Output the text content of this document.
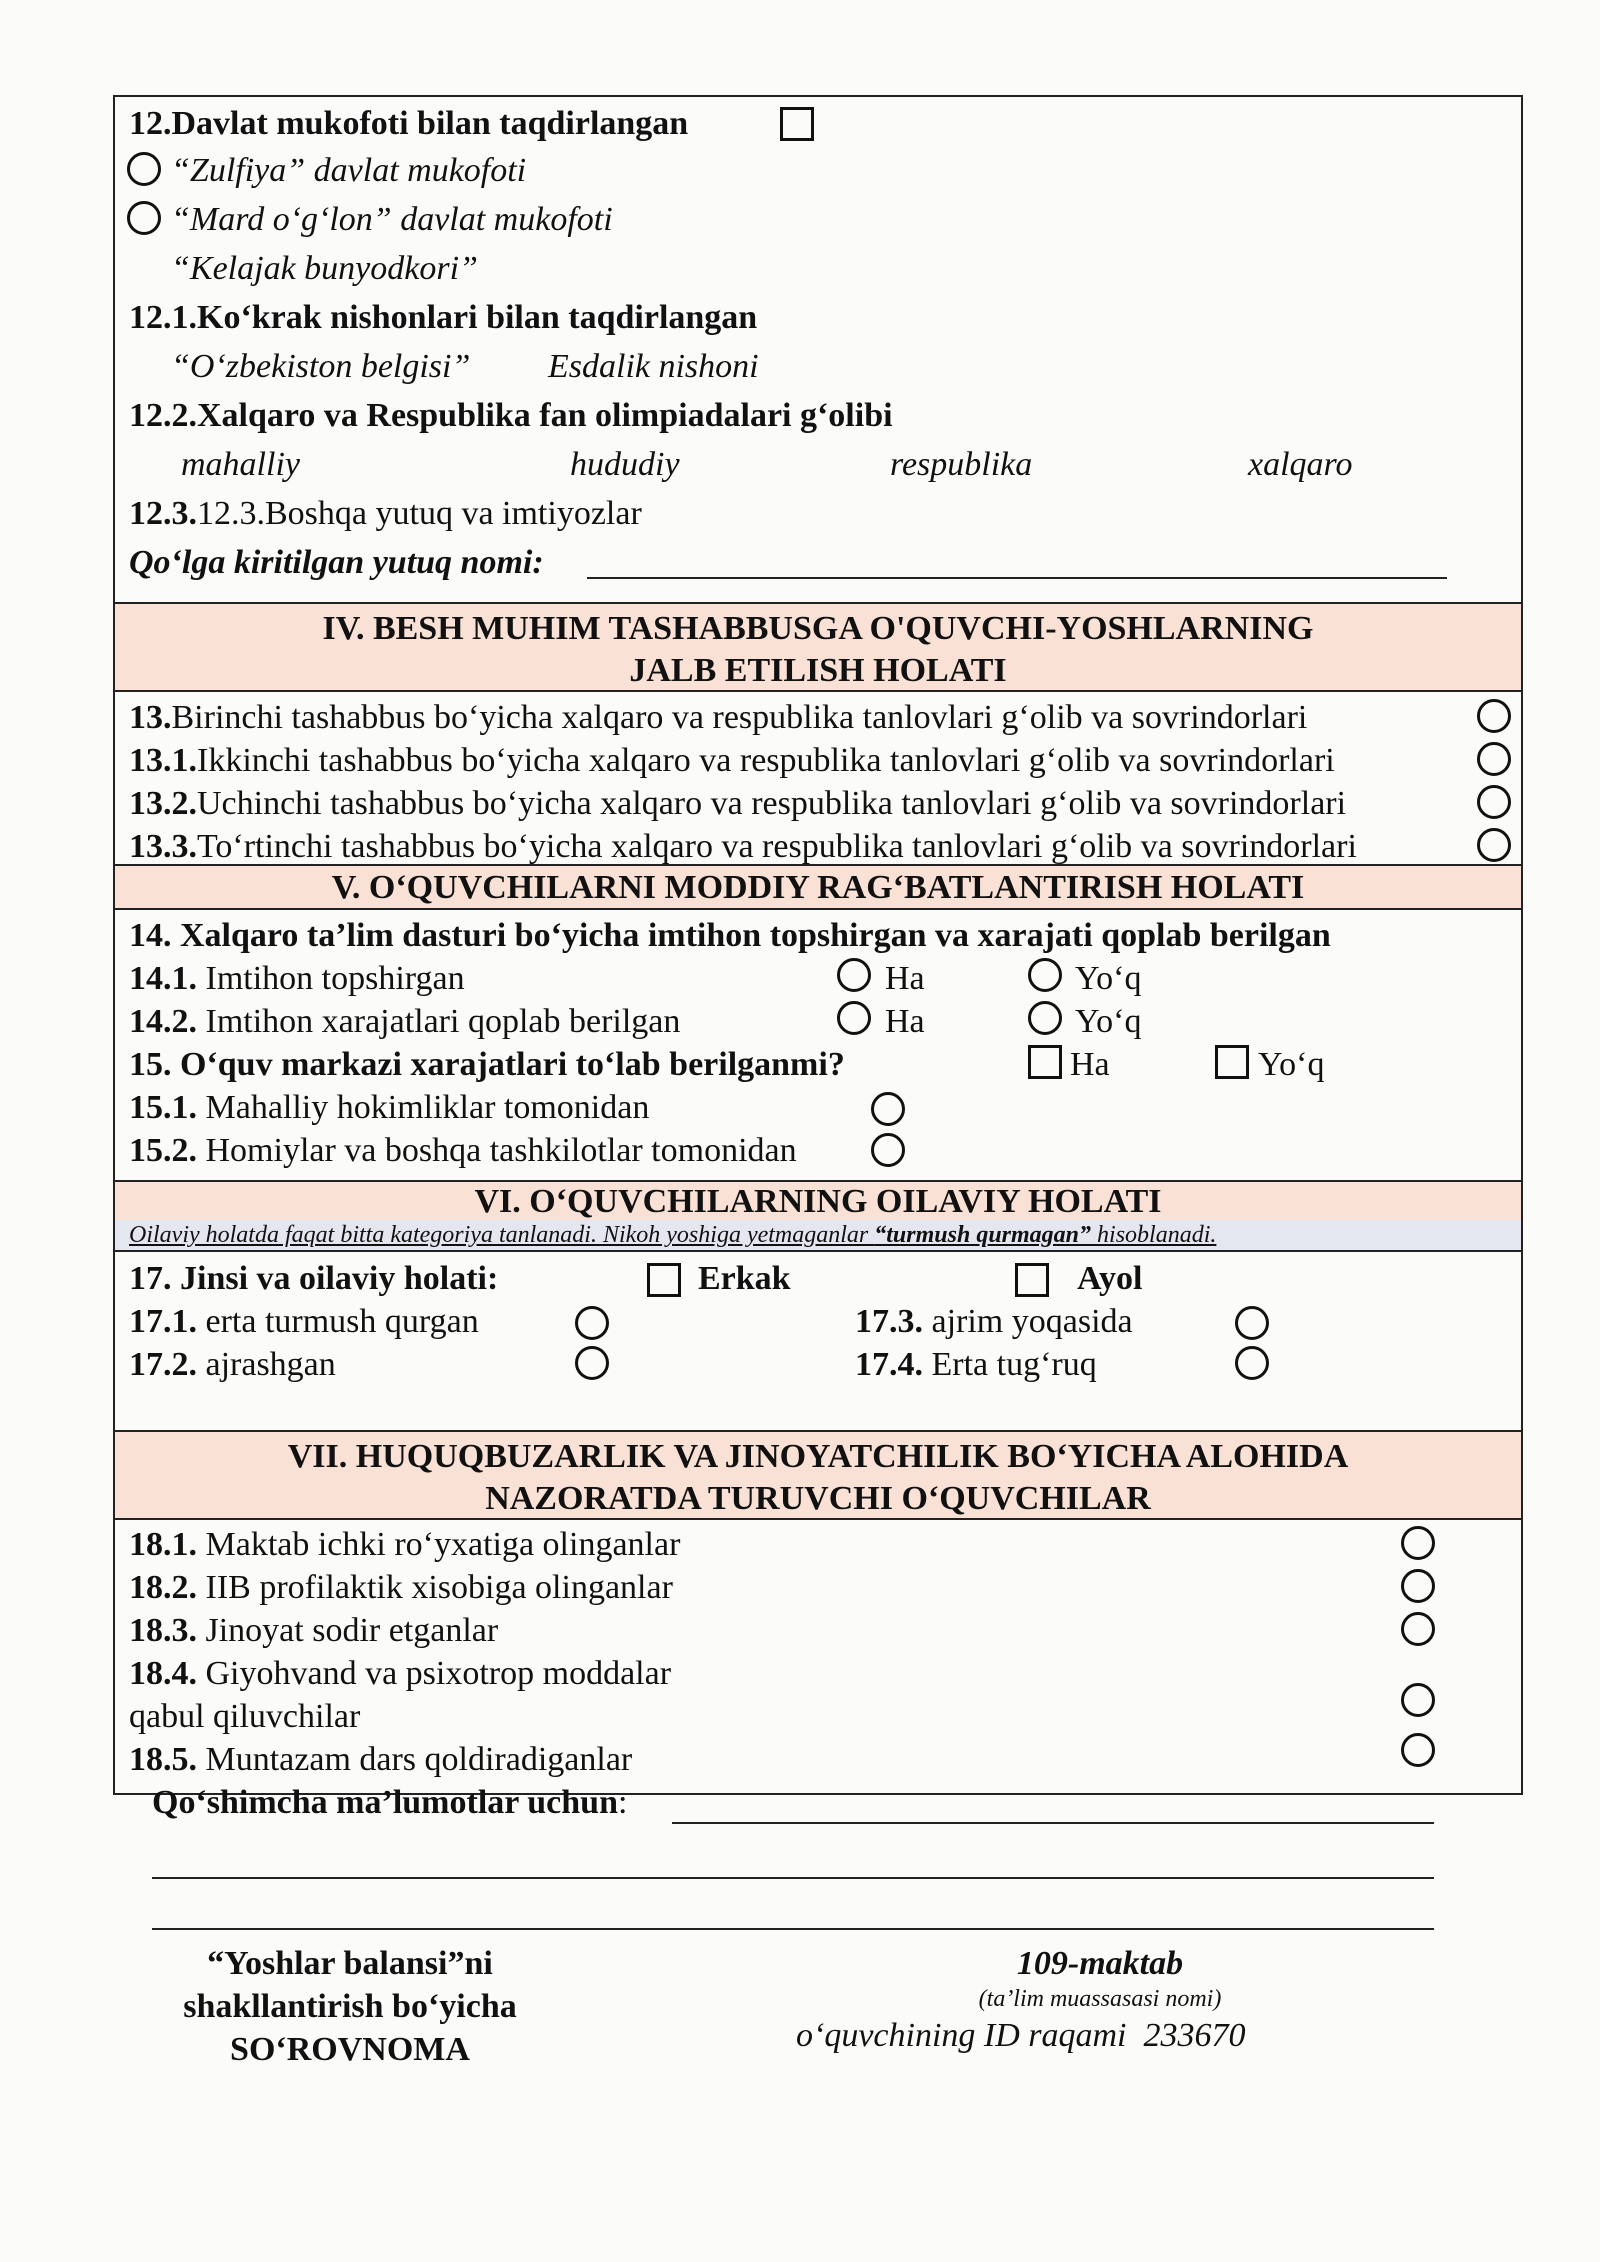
12.Davlat mukofoti bilan taqdirlangan
“Zulfiya” davlat mukofoti
“Mard o‘g‘lon” davlat mukofoti
“Kelajak bunyodkori”
12.1.Ko‘krak nishonlari bilan taqdirlangan
“O‘zbekiston belgisi” Esdalik nishoni
12.2.Xalqaro va Respublika fan olimpiadalari g‘olibi
mahalliy	hududiy	respublika	xalqaro
12.3.12.3.Boshqa yutuq va imtiyozlar
Qo‘lga kiritilgan yutuq nomi:
IV. BESH MUHIM TASHABBUSGA O'QUVCHI-YOSHLARNING
JALB ETILISH HOLATI
13.Birinchi tashabbus bo‘yicha xalqaro va respublika tanlovlari g‘olib va sovrindorlari
13.1.Ikkinchi tashabbus bo‘yicha xalqaro va respublika tanlovlari g‘olib va sovrindorlari
13.2.Uchinchi tashabbus bo‘yicha xalqaro va respublika tanlovlari g‘olib va sovrindorlari
13.3.To‘rtinchi tashabbus bo‘yicha xalqaro va respublika tanlovlari g‘olib va sovrindorlari
V. O‘QUVCHILARNI MODDIY RAG‘BATLANTIRISH HOLATI
14. Xalqaro ta’lim dasturi bo‘yicha imtihon topshirgan va xarajati qoplab berilgan
14.1. Imtihon topshirgan	Ha	Yo‘q
14.2. Imtihon xarajatlari qoplab berilgan	Ha	Yo‘q
15. O‘quv markazi xarajatlari to‘lab berilganmi?	Ha	Yo‘q
15.1. Mahalliy hokimliklar tomonidan
15.2. Homiylar va boshqa tashkilotlar tomonidan
VI. O‘QUVCHILARNING OILAVIY HOLATI
Oilaviy holatda faqat bitta kategoriya tanlanadi. Nikoh yoshiga yetmaganlar “turmush qurmagan” hisoblanadi.
17. Jinsi va oilaviy holati:	Erkak	Ayol
17.1. erta turmush qurgan	17.3. ajrim yoqasida
17.2. ajrashgan	17.4. Erta tug‘ruq
VII. HUQUQBUZARLIK VA JINOYATCHILIK BO‘YICHA ALOHIDA
NAZORATDA TURUVCHI O‘QUVCHILAR
18.1. Maktab ichki ro‘yxatiga olinganlar
18.2. IIB profilaktik xisobiga olinganlar
18.3. Jinoyat sodir etganlar
18.4. Giyohvand va psixotrop moddalar
qabul qiluvchilar
18.5. Muntazam dars qoldiradiganlar
Qo‘shimcha ma’lumotlar uchun:
“Yoshlar balansi”ni
shakllantirish bo‘yicha
SO‘ROVNOMA
109-maktab
(ta’lim muassasasi nomi)
o‘quvchining ID raqami 233670
